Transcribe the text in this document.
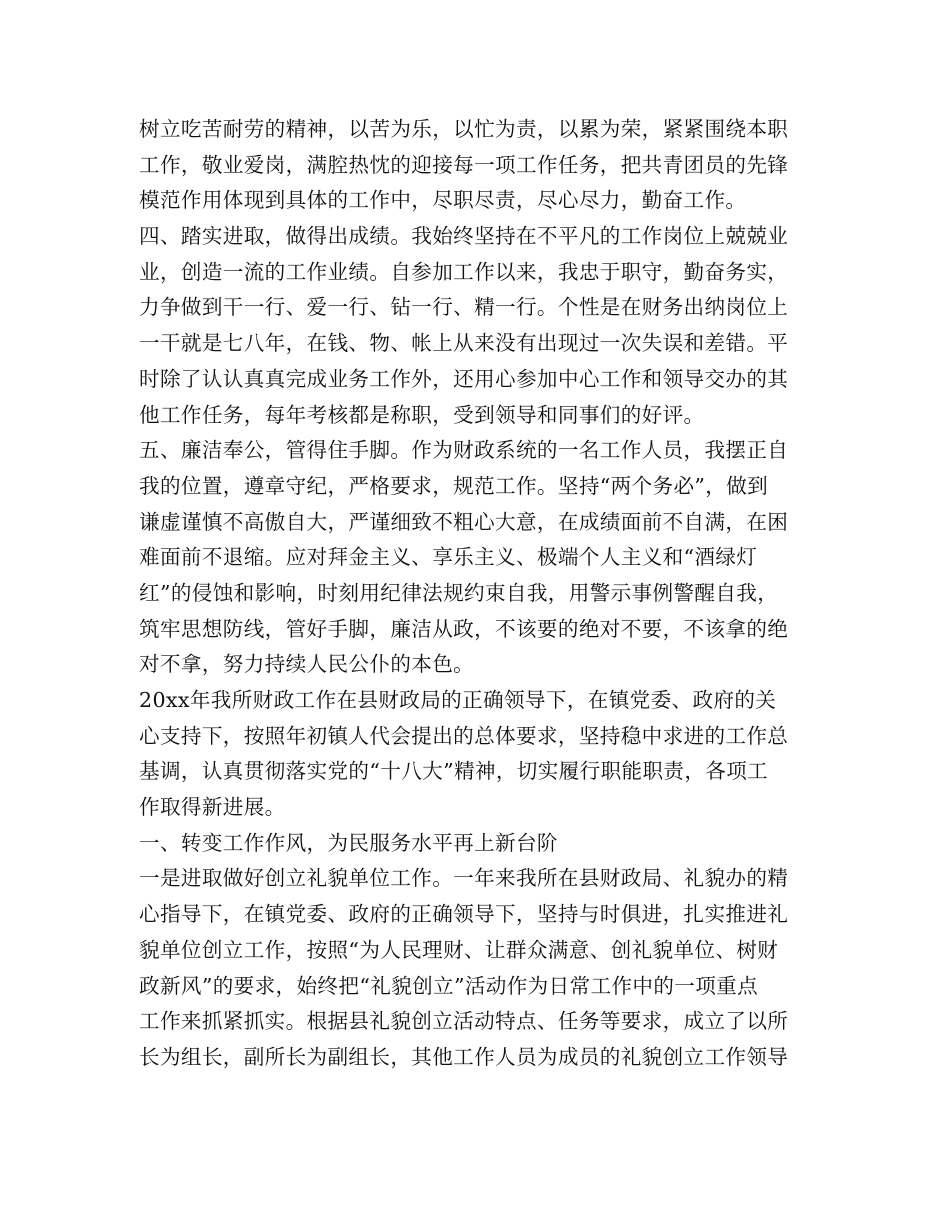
树立吃苦耐劳的精神，以苦为乐，以忙为责，以累为荣，紧紧围绕本职
工作，敬业爱岗，满腔热忱的迎接每一项工作任务，把共青团员的先锋
模范作用体现到具体的工作中，尽职尽责，尽心尽力，勤奋工作。
四、踏实进取，做得出成绩。我始终坚持在不平凡的工作岗位上兢兢业
业，创造一流的工作业绩。自参加工作以来，我忠于职守，勤奋务实，
力争做到干一行、爱一行、钻一行、精一行。个性是在财务出纳岗位上
一干就是七八年，在钱、物、帐上从来没有出现过一次失误和差错。平
时除了认认真真完成业务工作外，还用心参加中心工作和领导交办的其
他工作任务，每年考核都是称职，受到领导和同事们的好评。
五、廉洁奉公，管得住手脚。作为财政系统的一名工作人员，我摆正自
我的位置，遵章守纪，严格要求，规范工作。坚持“两个务必”，做到
谦虚谨慎不高傲自大，严谨细致不粗心大意，在成绩面前不自满，在困
难面前不退缩。应对拜金主义、享乐主义、极端个人主义和“酒绿灯
红”的侵蚀和影响，时刻用纪律法规约束自我，用警示事例警醒自我，
筑牢思想防线，管好手脚，廉洁从政，不该要的绝对不要，不该拿的绝
对不拿，努力持续人民公仆的本色。
20xx年我所财政工作在县财政局的正确领导下，在镇党委、政府的关
心支持下，按照年初镇人代会提出的总体要求，坚持稳中求进的工作总
基调，认真贯彻落实党的“十八大”精神，切实履行职能职责，各项工
作取得新进展。
一、转变工作作风，为民服务水平再上新台阶
一是进取做好创立礼貌单位工作。一年来我所在县财政局、礼貌办的精
心指导下，在镇党委、政府的正确领导下，坚持与时俱进，扎实推进礼
貌单位创立工作，按照“为人民理财、让群众满意、创礼貌单位、树财
政新风”的要求，始终把“礼貌创立”活动作为日常工作中的一项重点
工作来抓紧抓实。根据县礼貌创立活动特点、任务等要求，成立了以所
长为组长，副所长为副组长，其他工作人员为成员的礼貌创立工作领导
